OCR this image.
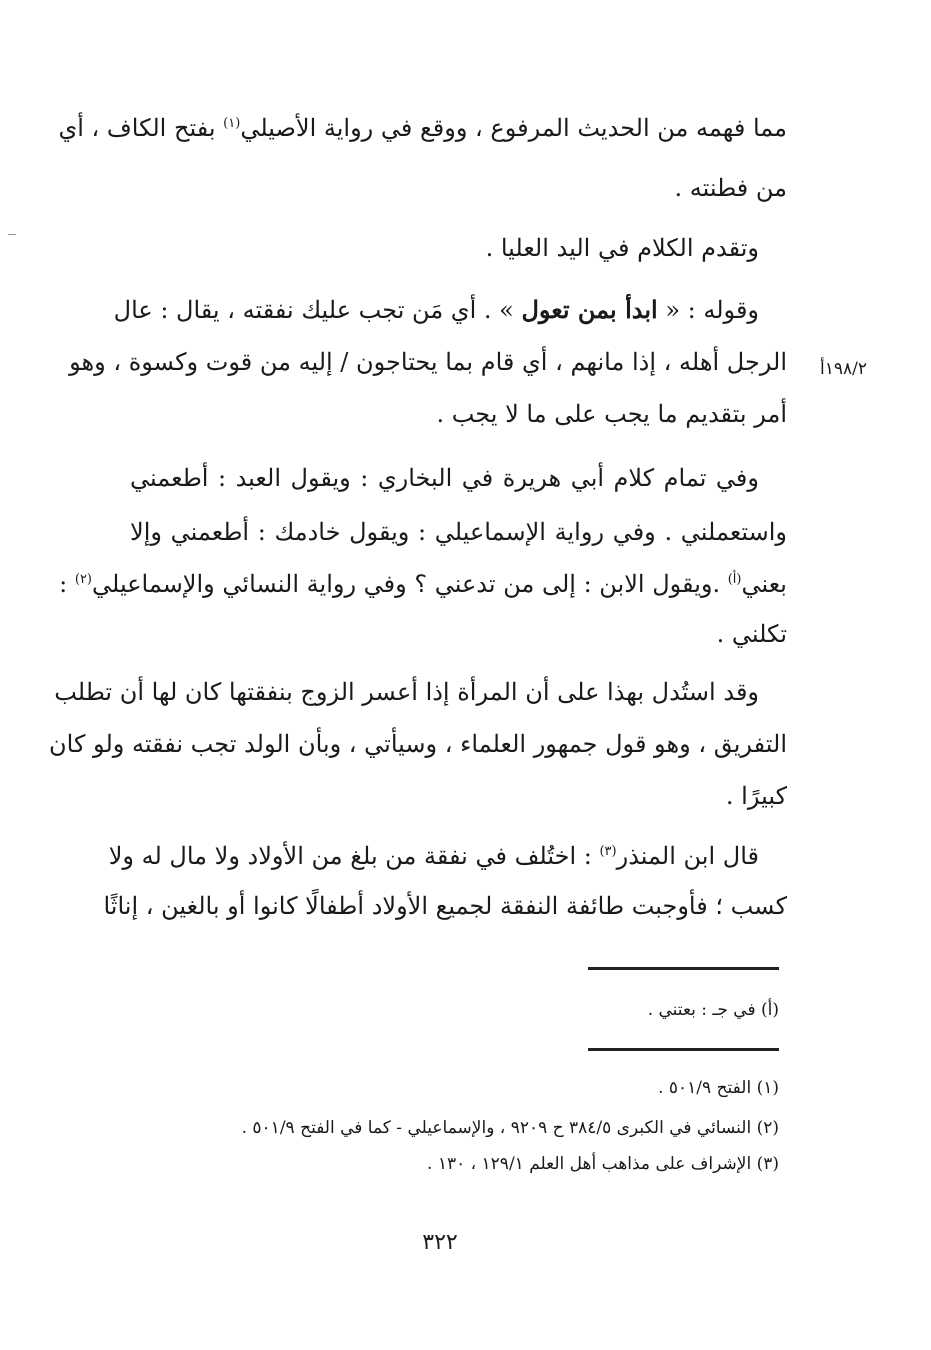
مما فهمه من الحديث المرفوع ، ووقع في رواية الأصيلي$^{(١)}$ بفتح الكاف ، أي
من فطنته .
وتقدم الكلام في اليد العليا .
وقوله : « ابدأ بمن تعول » . أي مَن تجب عليك نفقته ، يقال : عال
الرجل أهله ، إذا مانهم ، أي قام بما يحتاجون / إليه من قوت وكسوة ، وهو ١٩٨/٢أ
أمر بتقديم ما يجب على ما لا يجب .
وفي تمام كلام أبي هريرة في البخاري : ويقول العبد : أطعمني
واستعملني . وفي رواية الإسماعيلي : ويقول خادمك : أطعمني وإلا
بعني$^{(أ)}$ .ويقول الابن : إلى من تدعني ؟ وفي رواية النسائي والإسماعيلي$^{(٢)}$ :
تكلني .
وقد استُدل بهذا على أن المرأة إذا أعسر الزوج بنفقتها كان لها أن تطلب
التفريق ، وهو قول جمهور العلماء ، وسيأتي ، وبأن الولد تجب نفقته ولو كان
كبيرًا .
قال ابن المنذر$^{(٣)}$ : اختُلف في نفقة من بلغ من الأولاد ولا مال له ولا
كسب ؛ فأوجبت طائفة النفقة لجميع الأولاد أطفالًا كانوا أو بالغين ، إناثًا
(أ) في جـ : بعتني .
(١) الفتح ٥٠١/٩ .
(٢) النسائي في الكبرى ٣٨٤/٥ ح ٩٢٠٩ ، والإسماعيلي - كما في الفتح ٥٠١/٩ .
(٣) الإشراف على مذاهب أهل العلم ١٢٩/١ ، ١٣٠ .
٣٢٢
